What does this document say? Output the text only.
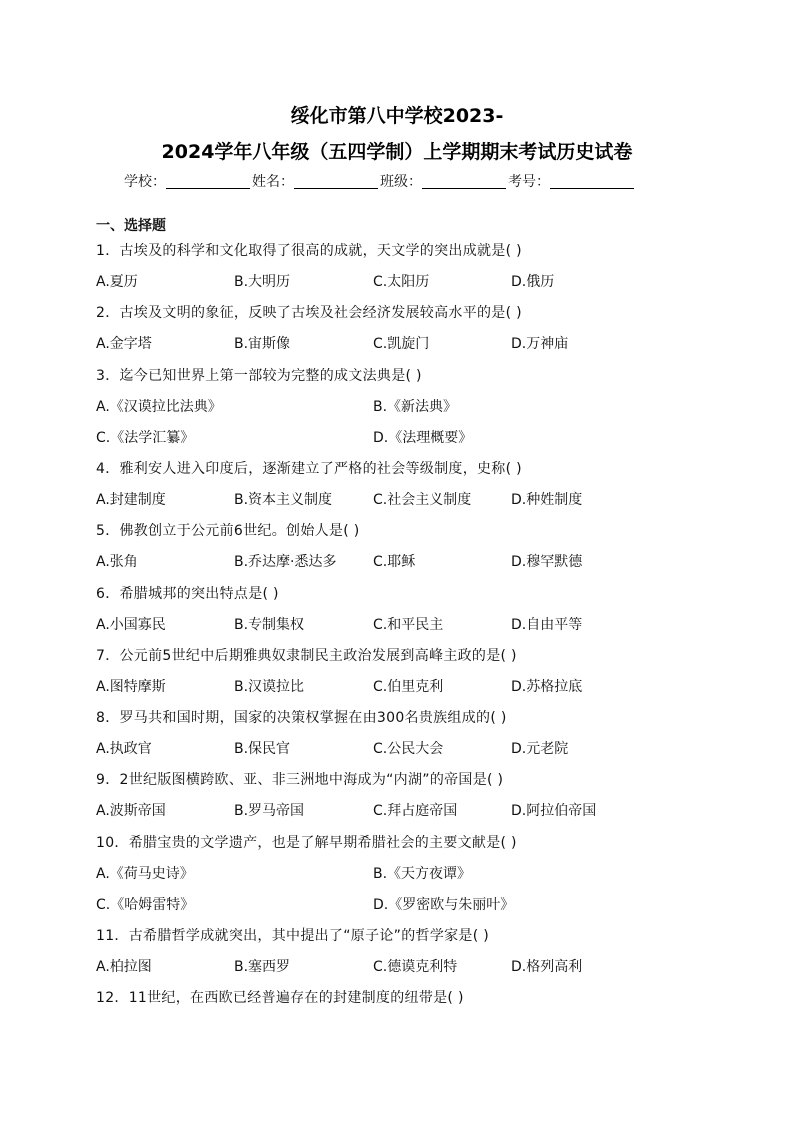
绥化市第八中学校2023-
2024学年八年级（五四学制）上学期期末考试历史试卷
学校：	姓名：	班级：	考号：
一、选择题
1．古埃及的科学和文化取得了很高的成就，天文学的突出成就是( )
A.夏历	B.大明历	C.太阳历	D.俄历
2．古埃及文明的象征，反映了古埃及社会经济发展较高水平的是( )
A.金字塔	B.宙斯像	C.凯旋门	D.万神庙
3．迄今已知世界上第一部较为完整的成文法典是( )
A.《汉谟拉比法典》	B.《新法典》
C.《法学汇纂》	D.《法理概要》
4．雅利安人进入印度后，逐渐建立了严格的社会等级制度，史称( )
A.封建制度	B.资本主义制度	C.社会主义制度	D.种姓制度
5．佛教创立于公元前6世纪。创始人是( )
A.张角	B.乔达摩·悉达多	C.耶稣	D.穆罕默德
6．希腊城邦的突出特点是( )
A.小国寡民	B.专制集权	C.和平民主	D.自由平等
7．公元前5世纪中后期雅典奴隶制民主政治发展到高峰主政的是( )
A.图特摩斯	B.汉谟拉比	C.伯里克利	D.苏格拉底
8．罗马共和国时期，国家的决策权掌握在由300名贵族组成的( )
A.执政官	B.保民官	C.公民大会	D.元老院
9．2世纪版图横跨欧、亚、非三洲地中海成为“内湖”的帝国是( )
A.波斯帝国	B.罗马帝国	C.拜占庭帝国	D.阿拉伯帝国
10．希腊宝贵的文学遗产，也是了解早期希腊社会的主要文献是( )
A.《荷马史诗》	B.《天方夜谭》
C.《哈姆雷特》	D.《罗密欧与朱丽叶》
11．古希腊哲学成就突出，其中提出了“原子论”的哲学家是( )
A.柏拉图	B.塞西罗	C.德谟克利特	D.格列高利
12．11世纪，在西欧已经普遍存在的封建制度的纽带是( )
